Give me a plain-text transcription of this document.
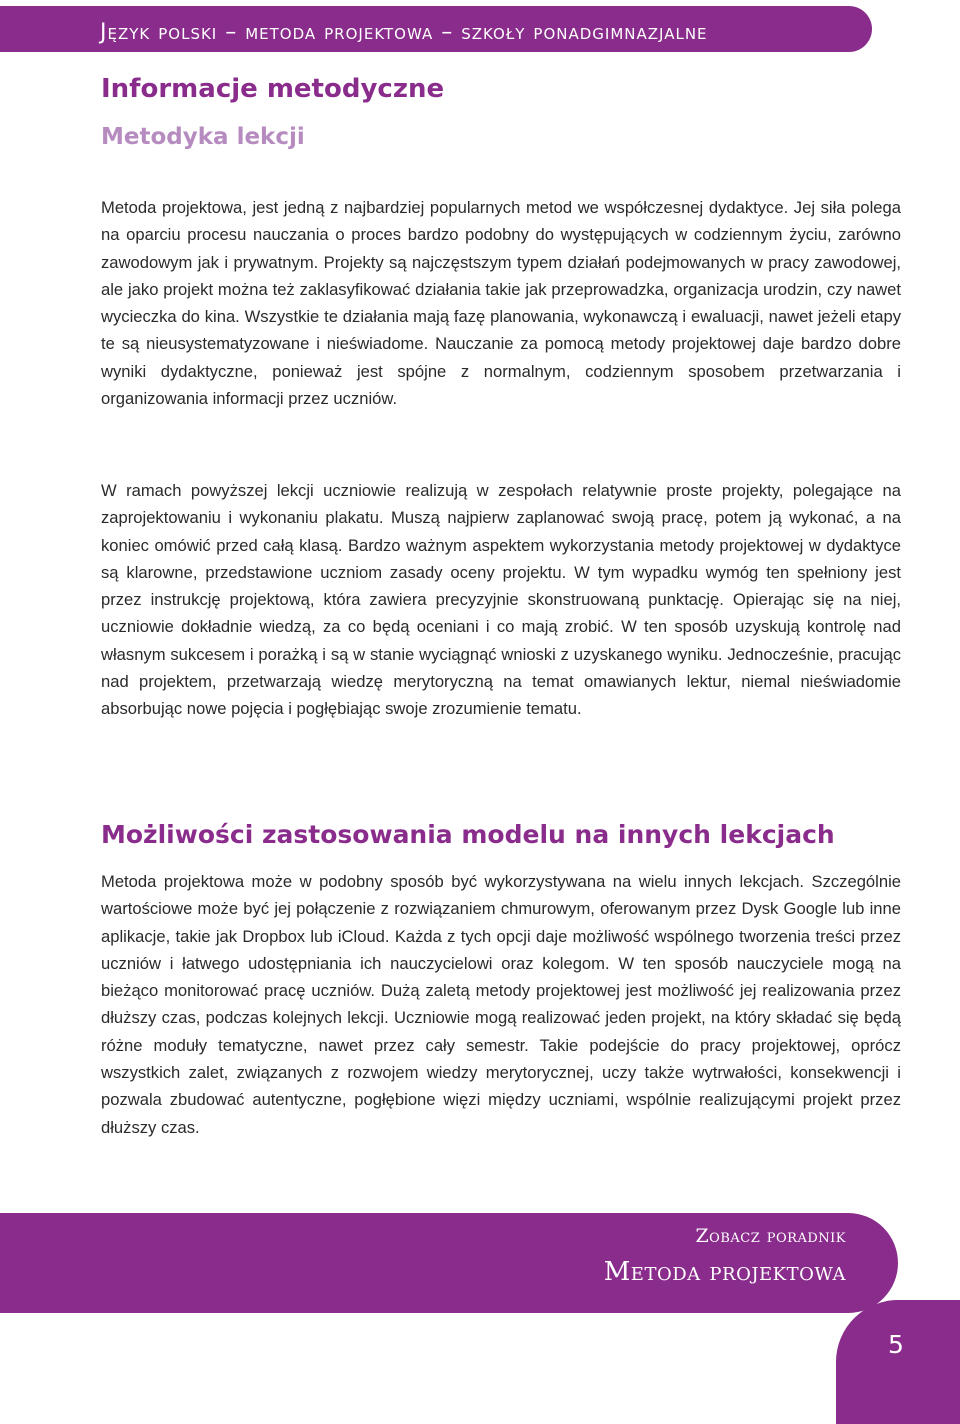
Język polski – metoda projektowa – szkoły ponadgimnazjalne
Informacje metodyczne
Metodyka lekcji

Metoda projektowa, jest jedną z najbardziej popularnych metod we współczesnej dydaktyce. Jej siła polega na oparciu procesu nauczania o proces bardzo podobny do występujących w codziennym życiu, zarówno zawodowym jak i prywatnym. Projekty są najczęstszym typem działań podejmowanych w pracy zawodowej, ale jako projekt można też zaklasyfikować działania takie jak przeprowadzka, organizacja urodzin, czy nawet wycieczka do kina. Wszystkie te działania mają fazę planowania, wykonawczą i ewaluacji, nawet jeżeli etapy te są nieusystematyzowane i nieświadome. Nauczanie za pomocą metody projektowej daje bardzo dobre wyniki dydaktyczne, ponieważ jest spójne z normalnym, codziennym sposobem przetwarzania i organizowania informacji przez uczniów.

W ramach powyższej lekcji uczniowie realizują w zespołach relatywnie proste projekty, polegające na zaprojektowaniu i wykonaniu plakatu. Muszą najpierw zaplanować swoją pracę, potem ją wykonać, a na koniec omówić przed całą klasą. Bardzo ważnym aspektem wykorzystania metody projektowej w dydaktyce są klarowne, przedstawione uczniom zasady oceny projektu. W tym wypadku wymóg ten spełniony jest przez instrukcję projektową, która zawiera precyzyjnie skonstruowaną punktację. Opierając się na niej, uczniowie dokładnie wiedzą, za co będą oceniani i co mają zrobić. W ten sposób uzyskują kontrolę nad własnym sukcesem i porażką i są w stanie wyciągnąć wnioski z uzyskanego wyniku. Jednocześnie, pracując nad projektem, przetwarzają wiedzę merytoryczną na temat omawianych lektur, niemal nieświadomie absorbując nowe pojęcia i pogłębiając swoje zrozumienie tematu.

Możliwości zastosowania modelu na innych lekcjach

Metoda projektowa może w podobny sposób być wykorzystywana na wielu innych lekcjach. Szczególnie wartościowe może być jej połączenie z rozwiązaniem chmurowym, oferowanym przez Dysk Google lub inne aplikacje, takie jak Dropbox lub iCloud. Każda z tych opcji daje możliwość wspólnego tworzenia treści przez uczniów i łatwego udostępniania ich nauczycielowi oraz kolegom. W ten sposób nauczyciele mogą na bieżąco monitorować pracę uczniów. Dużą zaletą metody projektowej jest możliwość jej realizowania przez dłuższy czas, podczas kolejnych lekcji. Uczniowie mogą realizować jeden projekt, na który składać się będą różne moduły tematyczne, nawet przez cały semestr. Takie podejście do pracy projektowej, oprócz wszystkich zalet, związanych z rozwojem wiedzy merytorycznej, uczy także wytrwałości, konsekwencji i pozwala zbudować autentyczne, pogłębione więzi między uczniami, wspólnie realizującymi projekt przez dłuższy czas.

Zobacz poradnik
Metoda projektowa
5
